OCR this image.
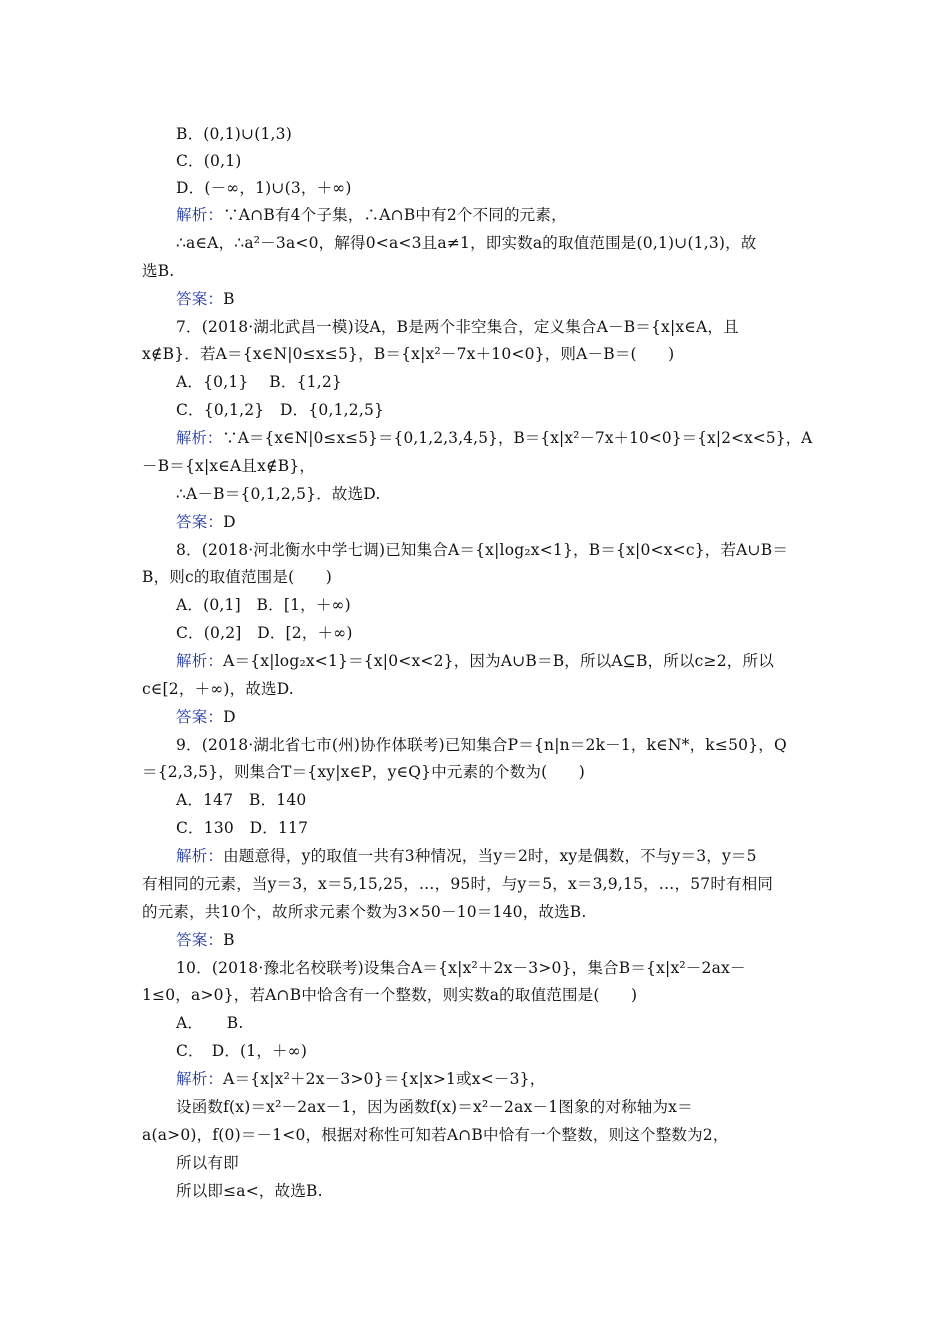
B．(0,1)∪(1,3)
C．(0,1)
D．(－∞，1)∪(3，＋∞)
解析：∵A∩B有4个子集，∴A∩B中有2个不同的元素，
∴a∈A，∴a²－3a<0，解得0<a<3且a≠1，即实数a的取值范围是(0,1)∪(1,3)，故
选B.
答案：B
7．(2018·湖北武昌一模)设A，B是两个非空集合，定义集合A－B＝{x|x∈A，且
x∉B}．若A＝{x∈N|0≤x≤5}，B＝{x|x²－7x＋10<0}，则A－B＝(　　)
A．{0,1}　 B．{1,2}
C．{0,1,2}　D．{0,1,2,5}
解析：∵A＝{x∈N|0≤x≤5}＝{0,1,2,3,4,5}，B＝{x|x²－7x＋10<0}＝{x|2<x<5}，A
－B＝{x|x∈A且x∉B}，
∴A－B＝{0,1,2,5}．故选D.
答案：D
8．(2018·河北衡水中学七调)已知集合A＝{x|log₂x<1}，B＝{x|0<x<c}，若A∪B＝
B，则c的取值范围是(　　)
A．(0,1]　B．[1，＋∞)
C．(0,2]　D．[2，＋∞)
解析：A＝{x|log₂x<1}＝{x|0<x<2}，因为A∪B＝B，所以A⊆B，所以c≥2，所以
c∈[2，＋∞)，故选D.
答案：D
9．(2018·湖北省七市(州)协作体联考)已知集合P＝{n|n＝2k－1，k∈N*，k≤50}，Q
＝{2,3,5}，则集合T＝{xy|x∈P，y∈Q}中元素的个数为(　　)
A．147　B．140
C．130　D．117
解析：由题意得，y的取值一共有3种情况，当y＝2时，xy是偶数，不与y＝3，y＝5
有相同的元素，当y＝3，x＝5,15,25，…，95时，与y＝5，x＝3,9,15，…，57时有相同
的元素，共10个，故所求元素个数为3×50－10＝140，故选B.
答案：B
10．(2018·豫北名校联考)设集合A＝{x|x²＋2x－3>0}，集合B＝{x|x²－2ax－
1≤0，a>0}，若A∩B中恰含有一个整数，则实数a的取值范围是(　　)
A．　　B.
C．　D．(1，＋∞)
解析：A＝{x|x²＋2x－3>0}＝{x|x>1或x<－3}，
设函数f(x)＝x²－2ax－1，因为函数f(x)＝x²－2ax－1图象的对称轴为x＝
a(a>0)，f(0)＝－1<0，根据对称性可知若A∩B中恰有一个整数，则这个整数为2，
所以有即
所以即≤a<，故选B.
